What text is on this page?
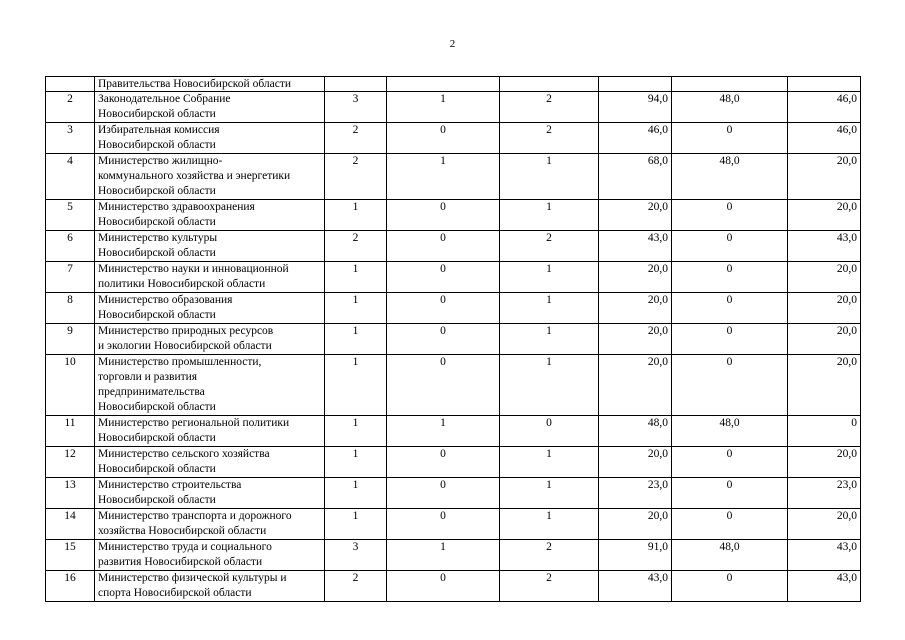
2

	Правительства Новосибирской области						

2	Законодательное Собрание
Новосибирской области	3	1	2	94,0	48,0	46,0
3	Избирательная комиссия
Новосибирской области	2	0	2	46,0	0	46,0
4	Министерство жилищно-
коммунального хозяйства и энергетики
Новосибирской области	2	1	1	68,0	48,0	20,0
5	Министерство здравоохранения
Новосибирской области	1	0	1	20,0	0	20,0
6	Министерство культуры
Новосибирской области	2	0	2	43,0	0	43,0
7	Министерство науки и инновационной
политики Новосибирской области	1	0	1	20,0	0	20,0
8	Министерство образования
Новосибирской области	1	0	1	20,0	0	20,0
9	Министерство природных ресурсов
и экологии Новосибирской области	1	0	1	20,0	0	20,0
10	Министерство промышленности,
торговли и развития
предпринимательства
Новосибирской области	1	0	1	20,0	0	20,0
11	Министерство региональной политики
Новосибирской области	1	1	0	48,0	48,0	0
12	Министерство сельского хозяйства
Новосибирской области	1	0	1	20,0	0	20,0
13	Министерство строительства
Новосибирской области	1	0	1	23,0	0	23,0
14	Министерство транспорта и дорожного
хозяйства Новосибирской области	1	0	1	20,0	0	20,0
15	Министерство труда и социального
развития Новосибирской области	3	1	2	91,0	48,0	43,0
16	Министерство физической культуры и
спорта Новосибирской области	2	0	2	43,0	0	43,0
